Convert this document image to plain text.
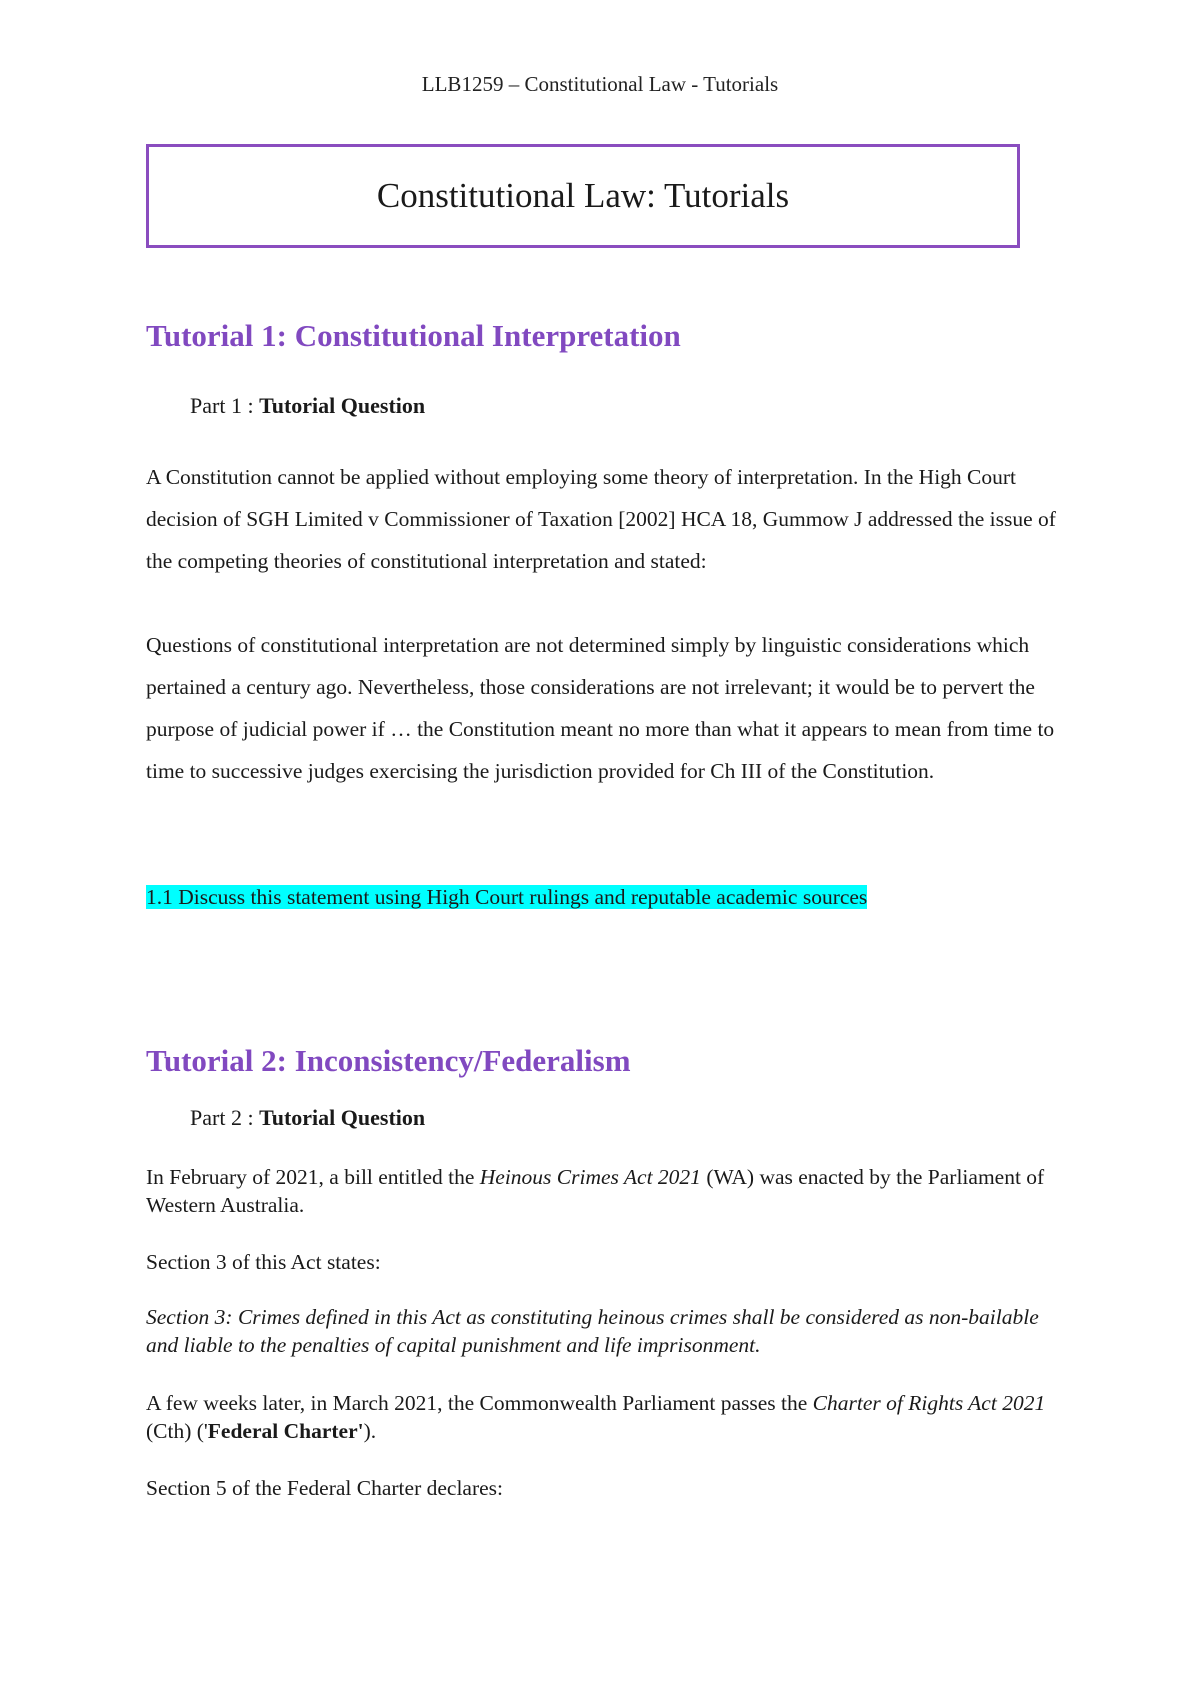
LLB1259 – Constitutional Law - Tutorials
Constitutional Law: Tutorials
Tutorial 1: Constitutional Interpretation
Part 1 : Tutorial Question
A Constitution cannot be applied without employing some theory of interpretation. In the High Court decision of SGH Limited v Commissioner of Taxation [2002] HCA 18, Gummow J addressed the issue of the competing theories of constitutional interpretation and stated:
Questions of constitutional interpretation are not determined simply by linguistic considerations which pertained a century ago. Nevertheless, those considerations are not irrelevant; it would be to pervert the purpose of judicial power if … the Constitution meant no more than what it appears to mean from time to time to successive judges exercising the jurisdiction provided for Ch III of the Constitution.
1.1 Discuss this statement using High Court rulings and reputable academic sources
Tutorial 2: Inconsistency/Federalism
Part 2 : Tutorial Question
In February of 2021, a bill entitled the Heinous Crimes Act 2021 (WA) was enacted by the Parliament of Western Australia.
Section 3 of this Act states:
Section 3: Crimes defined in this Act as constituting heinous crimes shall be considered as non-bailable and liable to the penalties of capital punishment and life imprisonment.
A few weeks later, in March 2021, the Commonwealth Parliament passes the Charter of Rights Act 2021 (Cth) ('Federal Charter').
Section 5 of the Federal Charter declares:
